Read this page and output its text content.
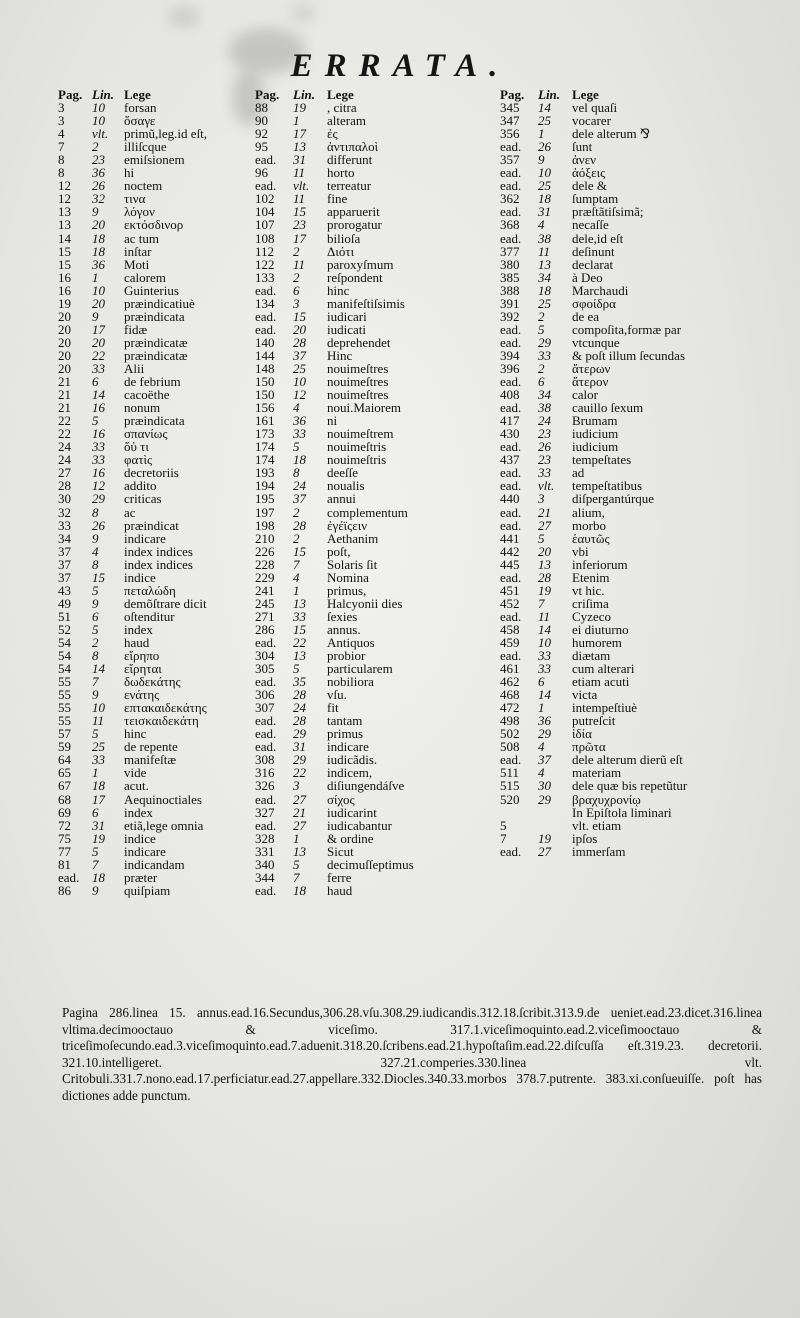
ERRATA.
Pag.	Lin.	Lege
3	10	forsan
3	10	ὅσαγε
4	vlt.	primũ,leg.id eſt,
7	2	illiſcque
8	23	emiſsionem
8	36	hi
12	26	noctem
12	32	τινα
13	9	λόγον
13	20	εκτόσδινορ
14	18	ac tum
15	18	inſtar
15	36	Moti
16	1	calorem
16	10	Guinterius
19	20	præindicatiuè
20	9	præindicata
20	17	fidæ
20	20	præindicatæ
20	22	præindicatæ
20	33	Alii
21	6	de febrium
21	14	cacoëthe
21	16	nonum
22	5	præindicata
22	16	σπανίως
24	33	ὅὐ τι
24	33	φατὶς
27	16	decretoriis
28	12	addito
30	29	criticas
32	8	ac
33	26	præindicat
34	9	indicare
37	4	index indices
37	8	index indices
37	15	indice
43	5	πεταλώδη
49	9	demõſtrare dicit
51	6	oſtenditur
52	5	index
54	2	haud
54	8	εἴρηπο
54	14	εἴρηται
55	7	δωδεκάτης
55	9	ενάτης
55	10	επτακαιδεκάτης
55	11	τεισκαιδεκάτη
57	5	hinc
59	25	de repente
64	33	manifeſtæ
65	1	vide
67	18	acut.
68	17	Aequinoctiales
69	6	index
72	31	etiã,lege omnia
75	19	indice
77	5	indicare
81	7	indicandam
ead.	18	præter
86	9	quiſpiam
Pag.	Lin.	Lege
88	19	, citra
90	1	alteram
92	17	ἐς
95	13	ἀντιπαλοὶ
ead.	31	differunt
96	11	horto
ead.	vlt.	terreatur
102	11	fine
104	15	apparuerit
107	23	prorogatur
108	17	bilioſa
112	2	Διότι
122	11	paroxyſmum
133	2	reſpondent
ead.	6	hinc
134	3	manifeſtiſsimis
ead.	15	iudicari
ead.	20	iudicati
140	28	deprehendet
144	37	Hinc
148	25	nouimeſtres
150	10	nouimeſtres
150	12	nouimeſtres
156	4	noui.Maiorem
161	36	ni
173	33	nouimeſtrem
174	5	nouimeſtris
174	18	nouimeſtris
193	8	deeſſe
194	24	noualis
195	37	annui
197	2	complementum
198	28	ἐγέϊςειν
210	2	Aethanim
226	15	poſt,
228	7	Solaris ſit
229	4	Nomina
241	1	primus,
245	13	Halcyonii dies
271	33	ſexies
286	15	annus.
ead.	22	Antiquos
304	13	probior
305	5	particularem
ead.	35	nobiliora
306	28	vſu.
307	24	fit
ead.	28	tantam
ead.	29	primus
ead.	31	indicare
308	29	iudicãdis.
316	22	indicem,
326	3	diſiungendáſve
ead.	27	σίχος
327	21	iudicarint
ead.	27	iudicabantur
328	1	& ordine
331	13	Sicut
340	5	decimuſſeptimus
344	7	ferre
ead.	18	haud
Pag.	Lin.	Lege
345	14	vel quaſi
347	25	vocarer
356	1	dele alterum ⅋
ead.	26	ſunt
357	9	ἀνεν
ead.	10	ἀόξεις
ead.	25	dele &
362	18	ſumptam
ead.	31	præſtãtiſsimã;
368	4	necaſſe
ead.	38	dele,id eſt
377	11	deſinunt
380	13	declarat
385	34	à Deo
388	18	Marchaudi
391	25	σφοίδρα
392	2	de ea
ead.	5	compoſita,formæ par
ead.	29	vtcunque
394	33	& poſt illum ſecundas
396	2	ἄτερων
ead.	6	ἄτερον
408	34	calor
ead.	38	cauillo ſexum
417	24	Brumam
430	23	iudicium
ead.	26	iudicium
437	23	tempeſtates
ead.	33	ad
ead.	vlt.	tempeſtatibus
440	3	diſpergantúrque
ead.	21	alium,
ead.	27	morbo
441	5	ἑαυτῶς
442	20	vbi
445	13	inferiorum
ead.	28	Etenim
451	19	vt hic.
452	7	criſima
ead.	11	Cyzeco
458	14	ei diuturno
459	10	humorem
ead.	33	diætam
461	33	cum alterari
462	6	etiam acuti
468	14	victa
472	1	intempeſtiuè
498	36	putreſcit
502	29	ἰδία
508	4	πρῶτα
ead.	37	dele alterum dierũ eſt
511	4	materiam
515	30	dele quæ bis repetũtur
520	29	βραχυχρονίῳ
		In Epiſtola liminari
5		vlt. etiam
7	19	ipſos
ead.	27	immerſam

Pagina 286.linea 15. annus.ead.16.Secundus,306.28.vſu.308.29.iudicandis.312.18.ſcribit.313.9.de ueniet.ead.23.dicet.316.linea vltima.decimooctauo & viceſimo. 317.1.viceſimoquinto.ead.2.viceſimooctauo & triceſimoſecundo.ead.3.viceſimoquinto.ead.7.aduenit.318.20.ſcribens.ead.21.hypoſtaſim.ead.22.diſcuſſa eſt.319.23. decretorii. 321.10.intelligeret. 327.21.comperies.330.linea vlt. Critobuli.331.7.nono.ead.17.perficiatur.ead.27.appellare.332.Diocles.340.33.morbos 378.7.putrente. 383.xi.conſueuiſſe. poſt has dictiones adde punctum.
